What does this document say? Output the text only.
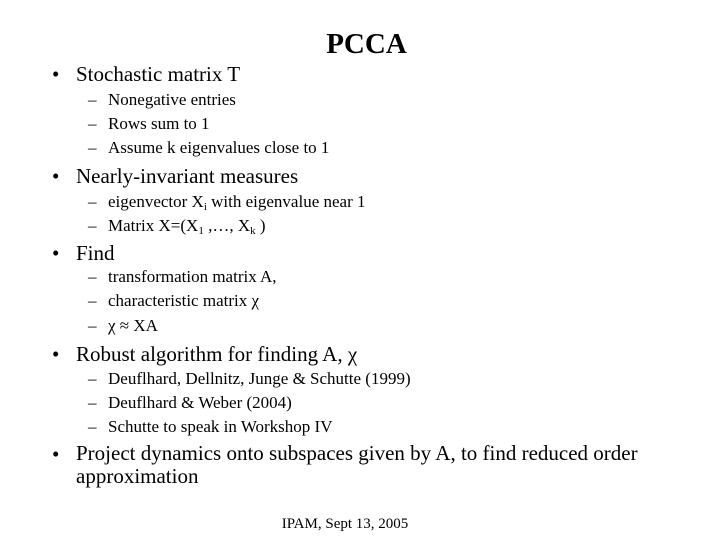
PCCA
• Stochastic matrix T
– Nonegative entries
– Rows sum to 1
– Assume k eigenvalues close to 1
• Nearly-invariant measures
– eigenvector $X_i$ with eigenvalue near 1
– Matrix $X=(X_1$ ,…, $X_k$ )
• Find
– transformation matrix A,
– characteristic matrix χ
– χ ≈ XA
• Robust algorithm for finding A, χ
– Deuflhard, Dellnitz, Junge & Schutte (1999)
– Deuflhard & Weber (2004)
– Schutte to speak in Workshop IV
• Project dynamics onto subspaces given by A, to find reduced order approximation
IPAM, Sept 13, 2005
